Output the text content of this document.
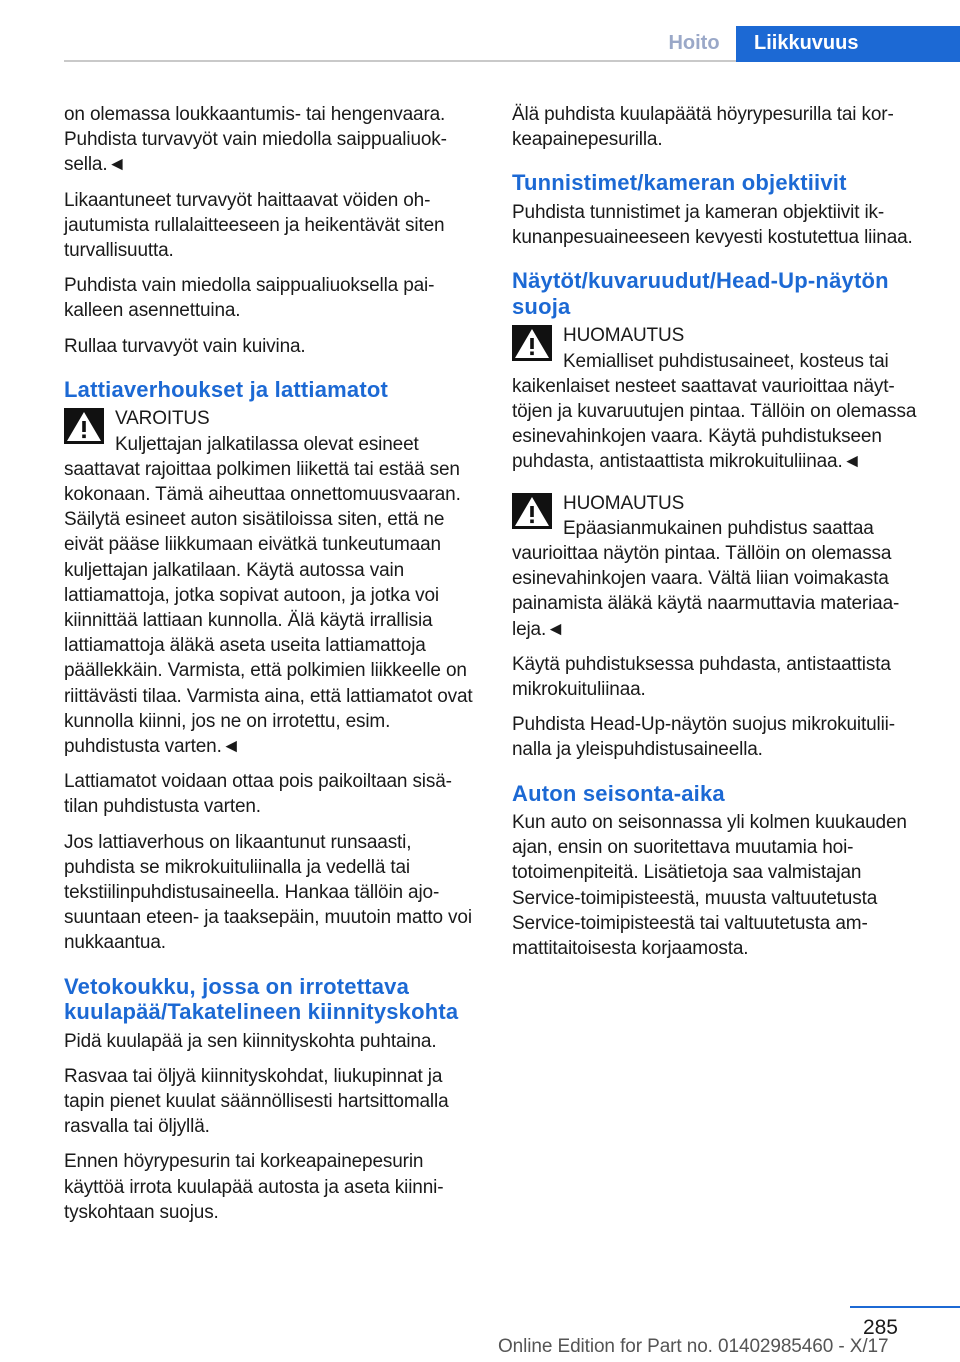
Hoito	Liikkuvuus

on olemassa loukkaantumis- tai hengenvaara. Puhdista turvavyöt vain miedolla saippualiuoksella.◄

Likaantuneet turvavyöt haittaavat vöiden ohjautumista rullalaitteeseen ja heikentävät siten turvallisuutta.

Puhdista vain miedolla saippualiuoksella paikalleen asennettuina.

Rullaa turvavyöt vain kuivina.

Lattiaverhoukset ja lattiamatot
VAROITUS
Kuljettajan jalkatilassa olevat esineet saattavat rajoittaa polkimen liikettä tai estää sen kokonaan. Tämä aiheuttaa onnettomuusvaaran. Säilytä esineet auton sisätiloissa siten, että ne eivät pääse liikkumaan eivätkä tunkeutumaan kuljettajan jalkatilaan. Käytä autossa vain lattiamattoja, jotka sopivat autoon, ja jotka voi kiinnittää lattiaan kunnolla. Älä käytä irrallisia lattiamattoja äläkä aseta useita lattiamattoja päällekkäin. Varmista, että polkimien liikkeelle on riittävästi tilaa. Varmista aina, että lattiamatot ovat kunnolla kiinni, jos ne on irrotettu, esim. puhdistusta varten.◄

Lattiamatot voidaan ottaa pois paikoiltaan sisätilan puhdistusta varten.

Jos lattiaverhous on likaantunut runsaasti, puhdista se mikrokuituliinalla ja vedellä tai tekstiilinpuhdistusaineella. Hankaa tällöin ajosuuntaan eteen- ja taaksepäin, muutoin matto voi nukkaantua.

Vetokoukku, jossa on irrotettava kuulapää/Takatelineen kiinnityskohta

Pidä kuulapää ja sen kiinnityskohta puhtaina.

Rasvaa tai öljyä kiinnityskohdat, liukupinnat ja tapin pienet kuulat säännöllisesti hartsittomalla rasvalla tai öljyllä.

Ennen höyrypesurin tai korkeapainepesurin käyttöä irrota kuulapää autosta ja aseta kiinnityskohtaan suojus.

Älä puhdista kuulapäätä höyrypesurilla tai korkeapainepesurilla.

Tunnistimet/kameran objektiivit

Puhdista tunnistimet ja kameran objektiivit ikkunanpesuaineeseen kevyesti kostutettua liinaa.

Näytöt/kuvaruudut/Head-Up-näytön suoja
HUOMAUTUS
Kemialliset puhdistusaineet, kosteus tai kaikenlaiset nesteet saattavat vaurioittaa näyttöjen ja kuvaruutujen pintaa. Tällöin on olemassa esinevahinkojen vaara. Käytä puhdistukseen puhdasta, antistaattista mikrokuituliinaa.◄
HUOMAUTUS
Epäasianmukainen puhdistus saattaa vaurioittaa näytön pintaa. Tällöin on olemassa esinevahinkojen vaara. Vältä liian voimakasta painamista äläkä käytä naarmuttavia materiaaleja.◄

Käytä puhdistuksessa puhdasta, antistaattista mikrokuituliinaa.

Puhdista Head-Up-näytön suojus mikrokuituliinalla ja yleispuhdistusaineella.

Auton seisonta-aika

Kun auto on seisonnassa yli kolmen kuukauden ajan, ensin on suoritettava muutamia hoitotoimenpiteitä. Lisätietoja saa valmistajan Service-toimipisteestä, muusta valtuutetusta Service-toimipisteestä tai valtuutetusta ammattitaitoisesta korjaamosta.

285
Online Edition for Part no. 01402985460 - X/17
